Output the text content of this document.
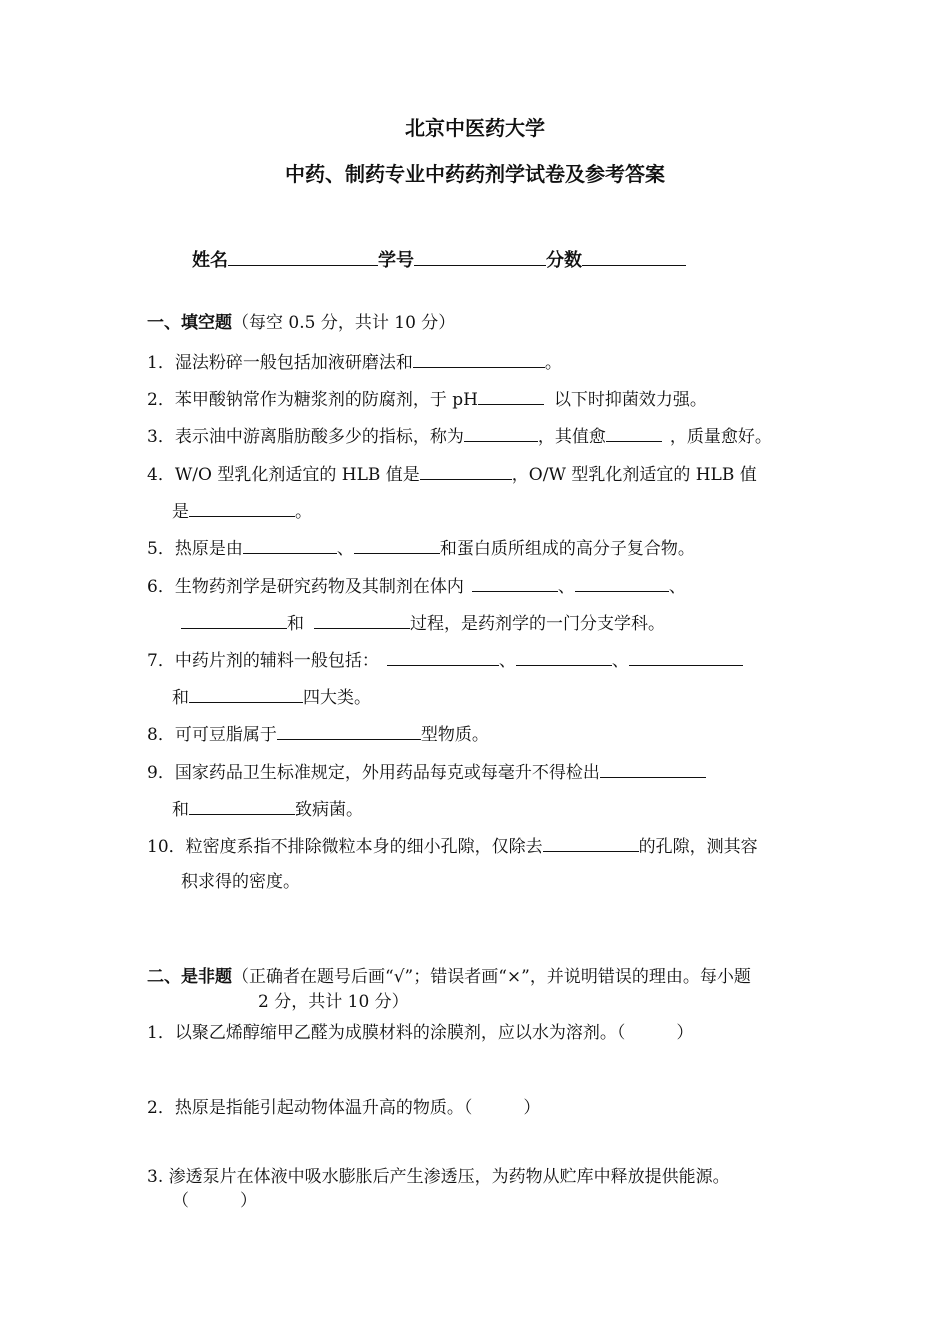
北京中医药大学
中药、制药专业中药药剂学试卷及参考答案
姓名	学号	分数
一、填空题（每空 0.5 分，共计 10 分）
1．湿法粉碎一般包括加液研磨法和	。
2．苯甲酸钠常作为糖浆剂的防腐剂，于 pH	以下时抑菌效力强。
3．表示油中游离脂肪酸多少的指标，称为	，其值愈	，质量愈好。
4．W/O 型乳化剂适宜的 HLB 值是	，O/W 型乳化剂适宜的 HLB 值
是	。
5．热原是由	、	和蛋白质所组成的高分子复合物。
6．生物药剂学是研究药物及其制剂在体内	、	、
和	过程，是药剂学的一门分支学科。
7．中药片剂的辅料一般包括：	、	、
和	四大类。
8．可可豆脂属于	型物质。
9．国家药品卫生标准规定，外用药品每克或每毫升不得检出
和	致病菌。
10．粒密度系指不排除微粒本身的细小孔隙，仅除去	的孔隙，测其容
积求得的密度。
二、是非题（正确者在题号后画“√”；错误者画“×”，并说明错误的理由。每小题
2 分，共计 10 分）
1．以聚乙烯醇缩甲乙醛为成膜材料的涂膜剂，应以水为溶剂。（　　　）
2．热原是指能引起动物体温升高的物质。（　　　）
3. 渗透泵片在体液中吸水膨胀后产生渗透压，为药物从贮库中释放提供能源。
（　　　）
